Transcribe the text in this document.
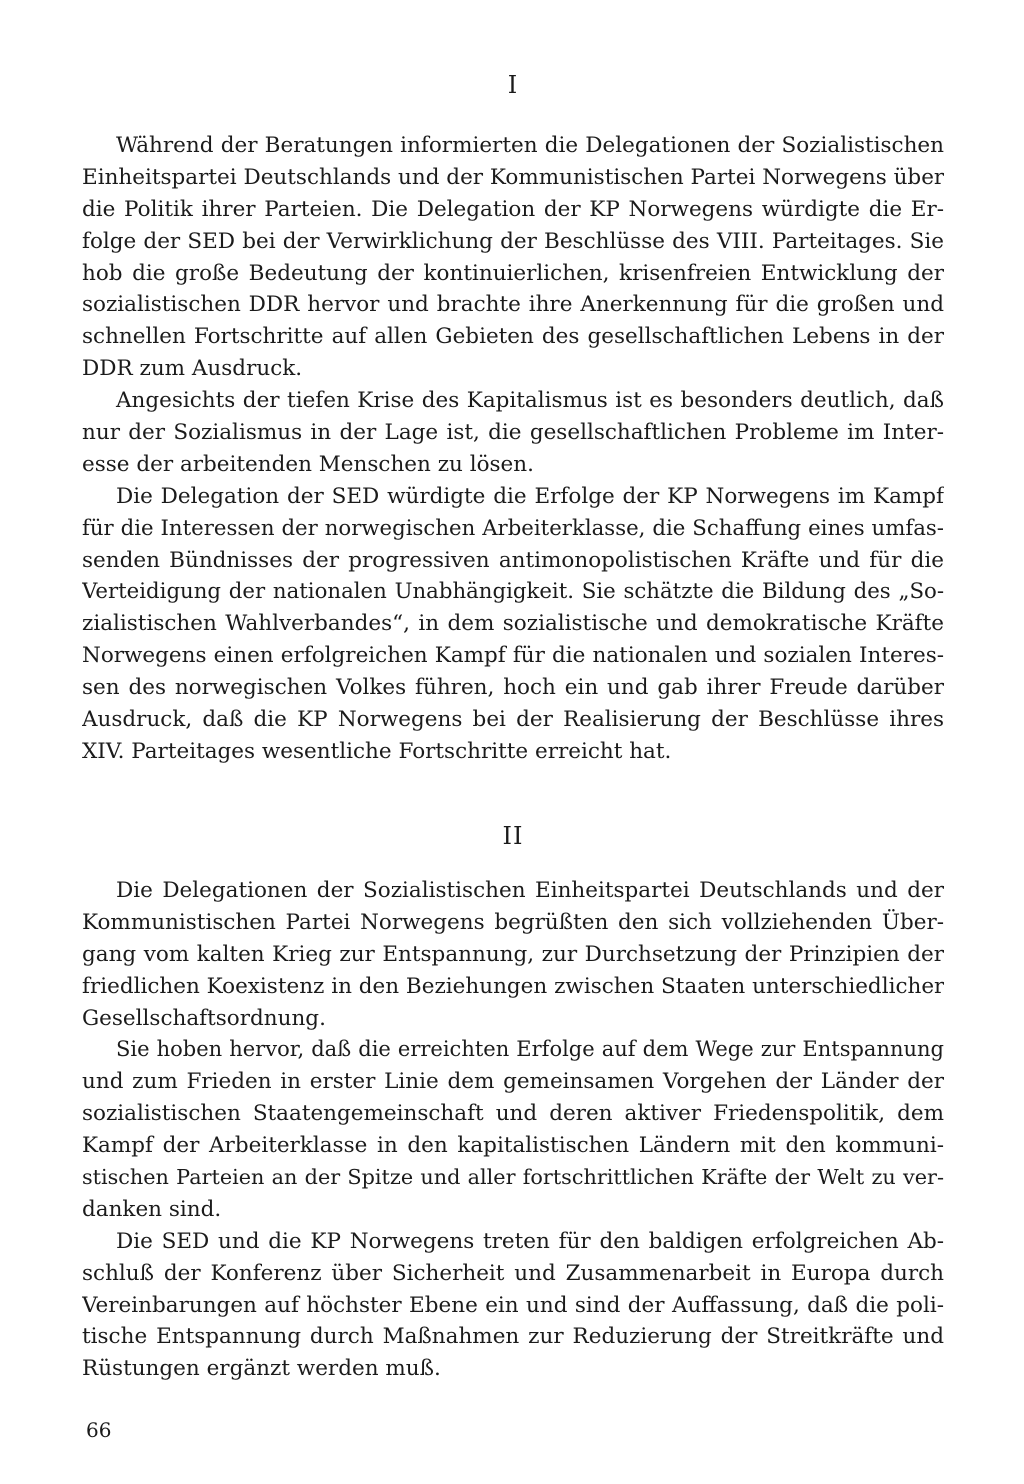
I
Während der Beratungen informierten die Delegationen der Sozialistischen
Einheitspartei Deutschlands und der Kommunistischen Partei Norwegens über
die Politik ihrer Parteien. Die Delegation der KP Norwegens würdigte die Er-
folge der SED bei der Verwirklichung der Beschlüsse des VIII. Parteitages. Sie
hob die große Bedeutung der kontinuierlichen, krisenfreien Entwicklung der
sozialistischen DDR hervor und brachte ihre Anerkennung für die großen und
schnellen Fortschritte auf allen Gebieten des gesellschaftlichen Lebens in der
DDR zum Ausdruck.
Angesichts der tiefen Krise des Kapitalismus ist es besonders deutlich, daß
nur der Sozialismus in der Lage ist, die gesellschaftlichen Probleme im Inter-
esse der arbeitenden Menschen zu lösen.
Die Delegation der SED würdigte die Erfolge der KP Norwegens im Kampf
für die Interessen der norwegischen Arbeiterklasse, die Schaffung eines umfas-
senden Bündnisses der progressiven antimonopolistischen Kräfte und für die
Verteidigung der nationalen Unabhängigkeit. Sie schätzte die Bildung des „So-
zialistischen Wahlverbandes“, in dem sozialistische und demokratische Kräfte
Norwegens einen erfolgreichen Kampf für die nationalen und sozialen Interes-
sen des norwegischen Volkes führen, hoch ein und gab ihrer Freude darüber
Ausdruck, daß die KP Norwegens bei der Realisierung der Beschlüsse ihres
XIV. Parteitages wesentliche Fortschritte erreicht hat.
II
Die Delegationen der Sozialistischen Einheitspartei Deutschlands und der
Kommunistischen Partei Norwegens begrüßten den sich vollziehenden Über-
gang vom kalten Krieg zur Entspannung, zur Durchsetzung der Prinzipien der
friedlichen Koexistenz in den Beziehungen zwischen Staaten unterschiedlicher
Gesellschaftsordnung.
Sie hoben hervor, daß die erreichten Erfolge auf dem Wege zur Entspannung
und zum Frieden in erster Linie dem gemeinsamen Vorgehen der Länder der
sozialistischen Staatengemeinschaft und deren aktiver Friedenspolitik, dem
Kampf der Arbeiterklasse in den kapitalistischen Ländern mit den kommuni-
stischen Parteien an der Spitze und aller fortschrittlichen Kräfte der Welt zu ver-
danken sind.
Die SED und die KP Norwegens treten für den baldigen erfolgreichen Ab-
schluß der Konferenz über Sicherheit und Zusammenarbeit in Europa durch
Vereinbarungen auf höchster Ebene ein und sind der Auffassung, daß die poli-
tische Entspannung durch Maßnahmen zur Reduzierung der Streitkräfte und
Rüstungen ergänzt werden muß.
66
